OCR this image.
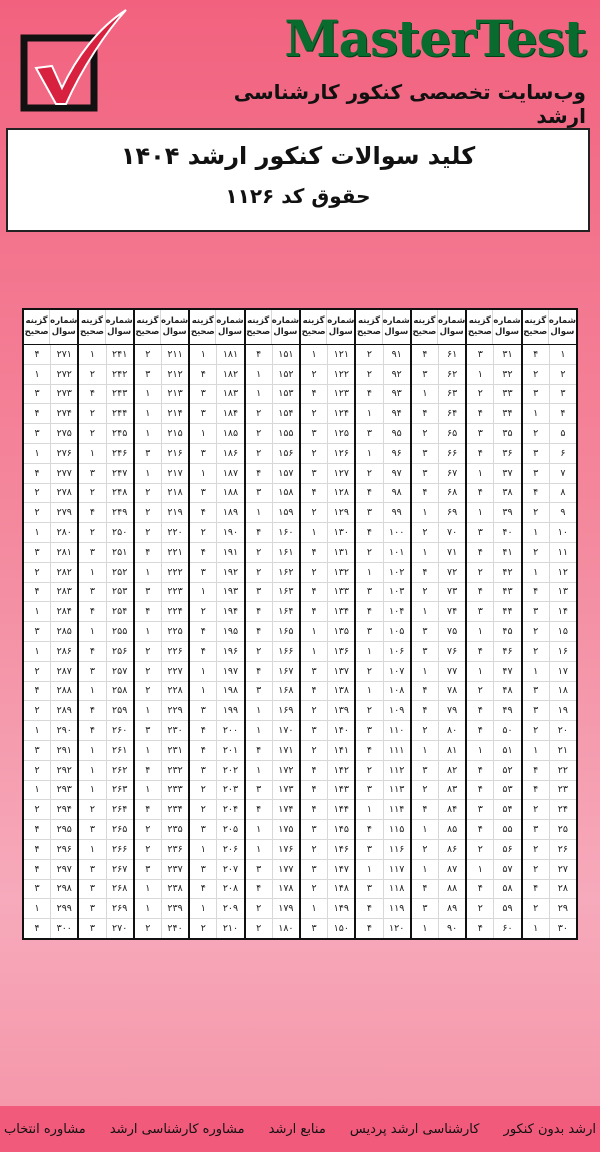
MasterTest
وب‌سایت تخصصی کنکور کارشناسی ارشد
کلید سوالات کنکور ارشد ۱۴۰۴
حقوق کد ۱۱۲۶
شماره
سوال
گزینه
صحیح
۱
۴
۲
۲
۳
۳
۴
۱
۵
۲
۶
۳
۷
۳
۸
۴
۹
۲
۱۰
۱
۱۱
۲
۱۲
۱
۱۳
۴
۱۴
۳
۱۵
۲
۱۶
۲
۱۷
۱
۱۸
۳
۱۹
۳
۲۰
۲
۲۱
۱
۲۲
۴
۲۳
۴
۲۴
۲
۲۵
۳
۲۶
۲
۲۷
۲
۲۸
۴
۲۹
۲
۳۰
۱
شماره
سوال
گزینه
صحیح
۳۱
۳
۳۲
۱
۳۳
۲
۳۴
۴
۳۵
۳
۳۶
۴
۳۷
۱
۳۸
۴
۳۹
۱
۴۰
۳
۴۱
۴
۴۲
۲
۴۳
۴
۴۴
۳
۴۵
۱
۴۶
۴
۴۷
۱
۴۸
۲
۴۹
۴
۵۰
۴
۵۱
۱
۵۲
۴
۵۳
۴
۵۴
۳
۵۵
۴
۵۶
۲
۵۷
۱
۵۸
۴
۵۹
۲
۶۰
۴
شماره
سوال
گزینه
صحیح
۶۱
۴
۶۲
۳
۶۳
۱
۶۴
۴
۶۵
۲
۶۶
۳
۶۷
۳
۶۸
۴
۶۹
۱
۷۰
۲
۷۱
۱
۷۲
۴
۷۳
۲
۷۴
۱
۷۵
۳
۷۶
۳
۷۷
۱
۷۸
۴
۷۹
۴
۸۰
۲
۸۱
۱
۸۲
۳
۸۳
۲
۸۴
۴
۸۵
۱
۸۶
۲
۸۷
۱
۸۸
۴
۸۹
۳
۹۰
۱
شماره
سوال
گزینه
صحیح
۹۱
۲
۹۲
۲
۹۳
۴
۹۴
۱
۹۵
۳
۹۶
۱
۹۷
۲
۹۸
۴
۹۹
۳
۱۰۰
۴
۱۰۱
۲
۱۰۲
۱
۱۰۳
۳
۱۰۴
۴
۱۰۵
۳
۱۰۶
۱
۱۰۷
۲
۱۰۸
۱
۱۰۹
۲
۱۱۰
۳
۱۱۱
۴
۱۱۲
۲
۱۱۳
۳
۱۱۴
۱
۱۱۵
۴
۱۱۶
۳
۱۱۷
۱
۱۱۸
۳
۱۱۹
۴
۱۲۰
۴
شماره
سوال
گزینه
صحیح
۱۲۱
۱
۱۲۲
۲
۱۲۳
۴
۱۲۴
۲
۱۲۵
۳
۱۲۶
۲
۱۲۷
۳
۱۲۸
۴
۱۲۹
۲
۱۳۰
۱
۱۳۱
۴
۱۳۲
۲
۱۳۳
۴
۱۳۴
۴
۱۳۵
۱
۱۳۶
۱
۱۳۷
۳
۱۳۸
۴
۱۳۹
۲
۱۴۰
۳
۱۴۱
۲
۱۴۲
۴
۱۴۳
۴
۱۴۴
۴
۱۴۵
۳
۱۴۶
۲
۱۴۷
۳
۱۴۸
۲
۱۴۹
۱
۱۵۰
۳
شماره
سوال
گزینه
صحیح
۱۵۱
۴
۱۵۲
۱
۱۵۳
۱
۱۵۴
۲
۱۵۵
۲
۱۵۶
۲
۱۵۷
۴
۱۵۸
۳
۱۵۹
۱
۱۶۰
۴
۱۶۱
۲
۱۶۲
۲
۱۶۳
۳
۱۶۴
۴
۱۶۵
۴
۱۶۶
۲
۱۶۷
۴
۱۶۸
۳
۱۶۹
۱
۱۷۰
۱
۱۷۱
۴
۱۷۲
۱
۱۷۳
۳
۱۷۴
۴
۱۷۵
۱
۱۷۶
۱
۱۷۷
۳
۱۷۸
۴
۱۷۹
۲
۱۸۰
۲
شماره
سوال
گزینه
صحیح
۱۸۱
۱
۱۸۲
۴
۱۸۳
۳
۱۸۴
۳
۱۸۵
۱
۱۸۶
۳
۱۸۷
۱
۱۸۸
۳
۱۸۹
۴
۱۹۰
۲
۱۹۱
۴
۱۹۲
۳
۱۹۳
۱
۱۹۴
۲
۱۹۵
۴
۱۹۶
۴
۱۹۷
۱
۱۹۸
۱
۱۹۹
۳
۲۰۰
۴
۲۰۱
۴
۲۰۲
۳
۲۰۳
۲
۲۰۴
۲
۲۰۵
۳
۲۰۶
۱
۲۰۷
۳
۲۰۸
۴
۲۰۹
۱
۲۱۰
۲
شماره
سوال
گزینه
صحیح
۲۱۱
۲
۲۱۲
۳
۲۱۳
۱
۲۱۴
۱
۲۱۵
۱
۲۱۶
۳
۲۱۷
۱
۲۱۸
۲
۲۱۹
۲
۲۲۰
۲
۲۲۱
۴
۲۲۲
۱
۲۲۳
۳
۲۲۴
۴
۲۲۵
۱
۲۲۶
۲
۲۲۷
۲
۲۲۸
۲
۲۲۹
۱
۲۳۰
۳
۲۳۱
۱
۲۳۲
۴
۲۳۳
۱
۲۳۴
۴
۲۳۵
۲
۲۳۶
۲
۲۳۷
۳
۲۳۸
۱
۲۳۹
۱
۲۴۰
۲
شماره
سوال
گزینه
صحیح
۲۴۱
۱
۲۴۲
۲
۲۴۳
۴
۲۴۴
۲
۲۴۵
۲
۲۴۶
۱
۲۴۷
۳
۲۴۸
۲
۲۴۹
۴
۲۵۰
۲
۲۵۱
۳
۲۵۲
۱
۲۵۳
۳
۲۵۴
۴
۲۵۵
۱
۲۵۶
۴
۲۵۷
۳
۲۵۸
۱
۲۵۹
۴
۲۶۰
۴
۲۶۱
۱
۲۶۲
۱
۲۶۳
۱
۲۶۴
۲
۲۶۵
۳
۲۶۶
۱
۲۶۷
۳
۲۶۸
۳
۲۶۹
۳
۲۷۰
۳
شماره
سوال
گزینه
صحیح
۲۷۱
۴
۲۷۲
۱
۲۷۳
۳
۲۷۴
۴
۲۷۵
۳
۲۷۶
۱
۲۷۷
۴
۲۷۸
۲
۲۷۹
۲
۲۸۰
۱
۲۸۱
۳
۲۸۲
۲
۲۸۳
۴
۲۸۴
۱
۲۸۵
۳
۲۸۶
۱
۲۸۷
۲
۲۸۸
۴
۲۸۹
۲
۲۹۰
۱
۲۹۱
۳
۲۹۲
۲
۲۹۳
۱
۲۹۴
۲
۲۹۵
۴
۲۹۶
۴
۲۹۷
۴
۲۹۸
۳
۲۹۹
۱
۳۰۰
۴
ارشد بدون کنکور
کارشناسی ارشد پردیس
منابع ارشد
مشاوره کارشناسی ارشد
مشاوره انتخاب
